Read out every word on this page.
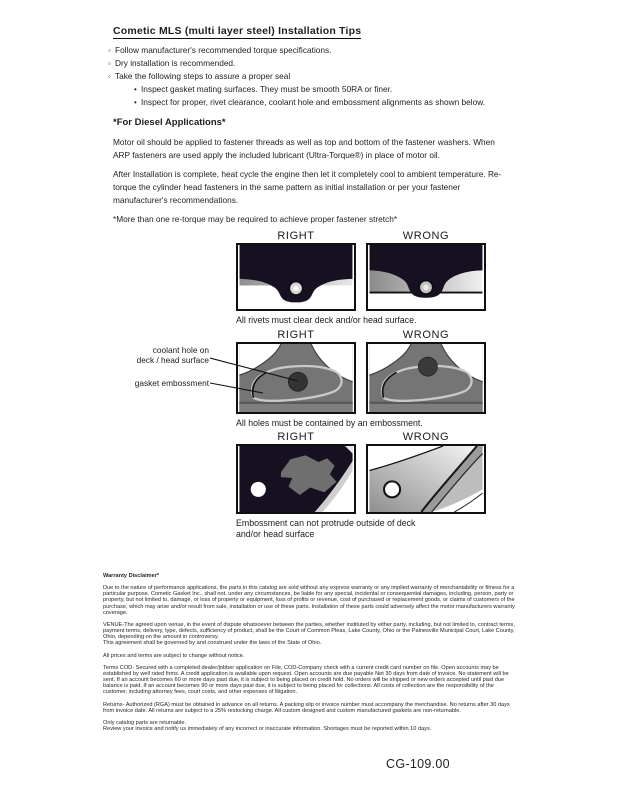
Cometic MLS (multi layer steel) Installation Tips
◦ Follow manufacturer's recommended torque specifications.
◦ Dry installation is recommended.
◦ Take the following steps to assure a proper seal
• Inspect gasket mating surfaces. They must be smooth 50RA or finer.
• Inspect for proper, rivet clearance, coolant hole and embossment alignments as shown below.
*For Diesel Applications*

Motor oil should be applied to fastener threads as well as top and bottom of the fastener washers. When ARP fasteners are used apply the included lubricant (Ultra-Torque®) in place of motor oil.

After Installation is complete, heat cycle the engine then let it completely cool to ambient temperature. Re-torque the cylinder head fasteners in the same pattern as initial installation or per your fastener manufacturer's recommendations.

*More than one re-torque may be required to achieve proper fastener stretch*

RIGHT	WRONG
All rivets must clear deck and/or head surface.
RIGHT	WRONG
All holes must be contained by an embossment.
coolant hole on
deck / head surface
gasket embossment
RIGHT	WRONG
Embossment can not protrude outside of deck
and/or head surface
Warranty Disclaimer*

Due to the nature of performance applications, the parts in this catalog are sold without any express warranty or any implied warranty of merchantability or fitness for a particular purpose. Cometic Gasket Inc., shall not, under any circumstances, be liable for any special, incidental or consequential damages, including, person, party or property, but not limited to, damage, or loss of property or equipment, loss of profits or revenue, cost of purchased or replacement goods, or claims of customers of the purchase, which may arise and/or result from sale, installation or use of these parts. Installation of these parts could adversely affect the motor manufacturers warranty coverage.

VENUE-The agreed upon venue, in the event of dispute whatsoever between the parties, whether instituted by either party, including, but not limited to, contract terms, payment terms, delivery, type, defects, sufficiency of product, shall be the Court of Common Pleas, Lake County, Ohio or the Painesville Municipal Court, Lake County, Ohio, depending on the amount in controversy.

This agreement shall be governed by and construed under the laws of the State of Ohio.

All prices and terms are subject to change without notice.

Terms COD- Secured with a completed dealer/jobber application on File, COD-Company check with a current credit card number on file. Open accounts may be established by well rated firms. A credit application is available upon request. Open accounts are due payable Net 30 days from date of invoice. No statement will be sent. If an account becomes 60 or more days past due, it is subject to being placed on credit hold. No orders will be shipped or new orders accepted until past due balance is paid. If an account becomes 90 or more days past due, it is subject to being placed for collections. All costs of collection are the responsibility of the customer, including attorney fees, court costs, and other expenses of litigation.

Returns- Authorized (RGA) must be obtained in advance on all returns. A packing slip or invoice number must accompany the merchandise. No returns after 30 days from invoice date. All returns are subject to a 25% restocking charge. All custom designed and custom manufactured gaskets are non-returnable.

Only catalog parts are returnable.

Review your invoice and notify us immediately of any incorrect or inaccurate information. Shortages must be reported within 10 days.

CG-109.00
